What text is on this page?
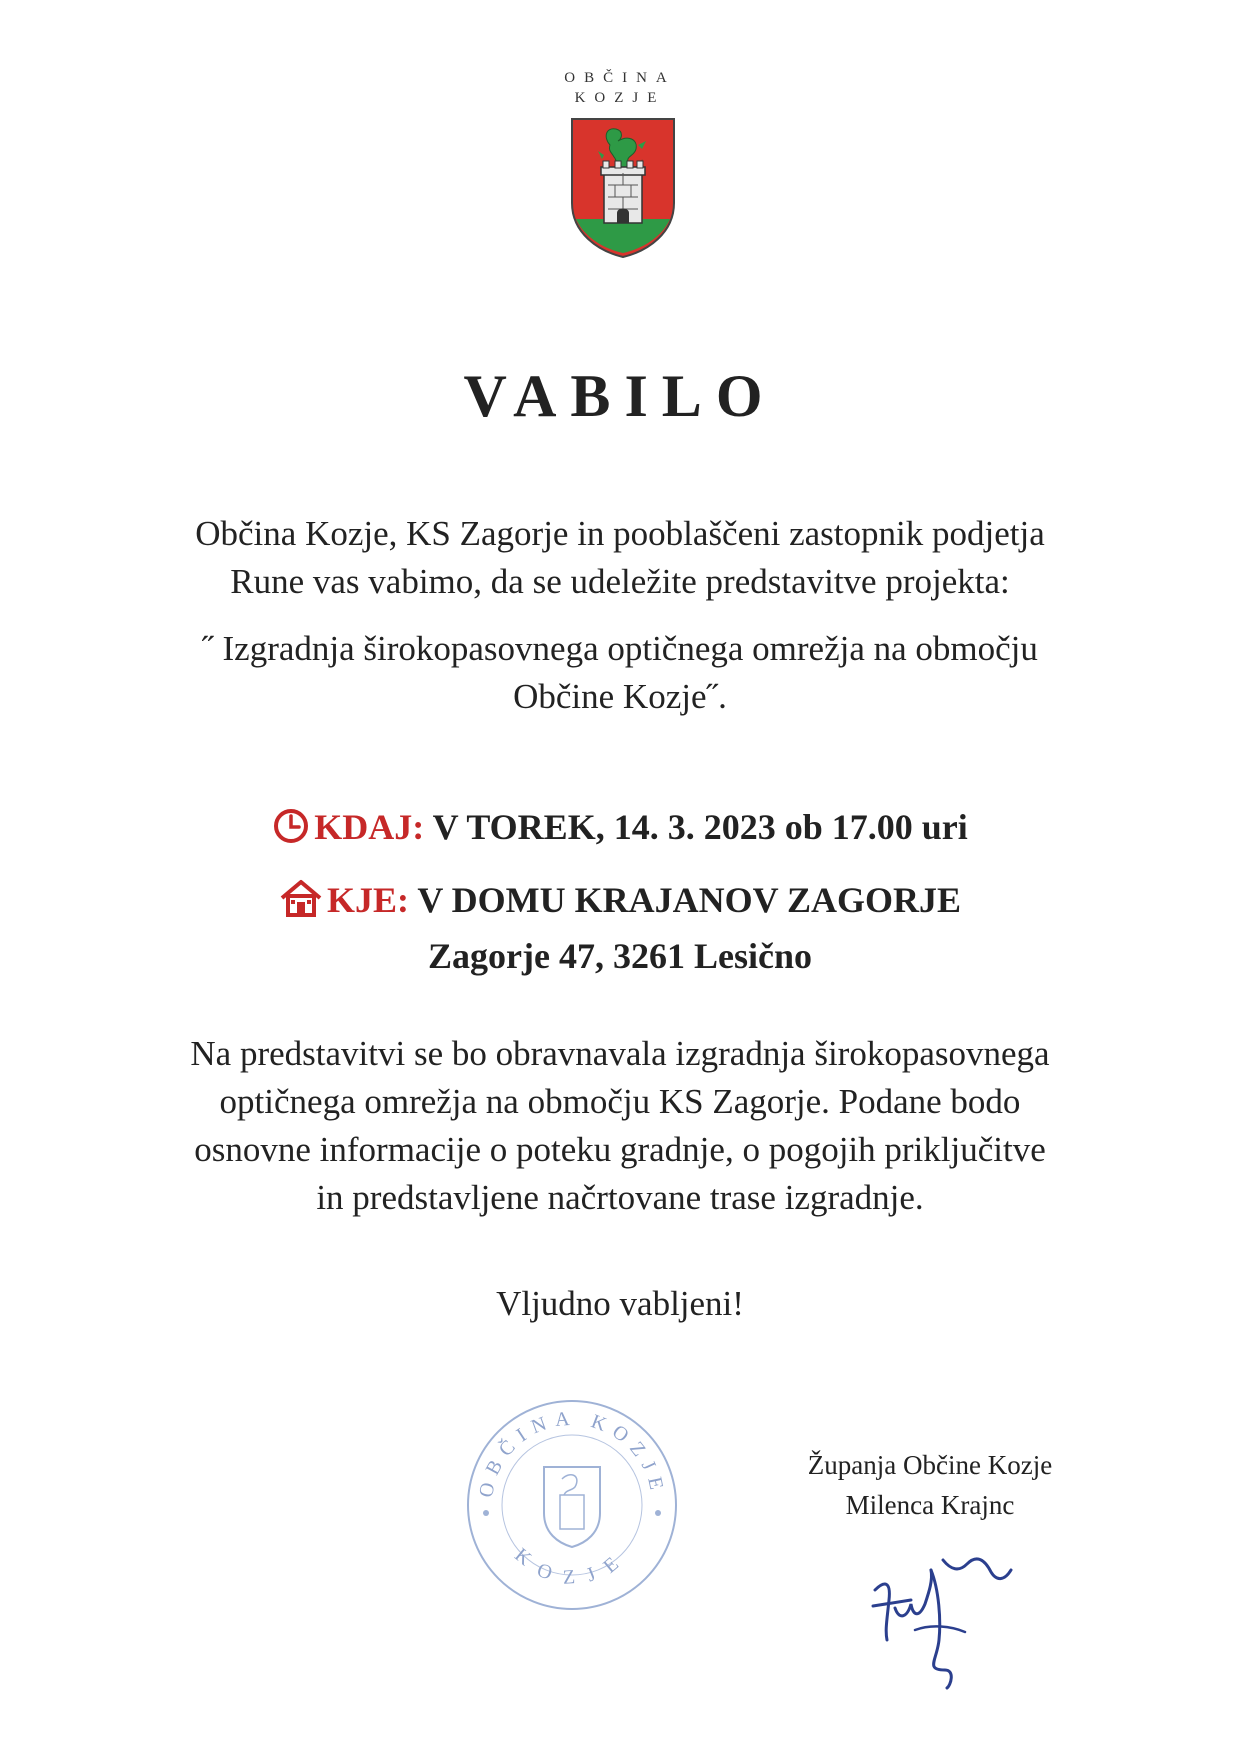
OBČINA
KOZJE
VABILO
Občina Kozje, KS Zagorje in pooblaščeni zastopnik podjetja
Rune vas vabimo, da se udeležite predstavitve projekta:
˝ Izgradnja širokopasovnega optičnega omrežja na območju
Občine Kozje˝.
KDAJ: V TOREK, 14. 3. 2023 ob 17.00 uri
KJE: V DOMU KRAJANOV ZAGORJE
Zagorje 47, 3261 Lesično
Na predstavitvi se bo obravnavala izgradnja širokopasovnega
optičnega omrežja na območju KS Zagorje. Podane bodo
osnovne informacije o poteku gradnje, o pogojih priključitve
in predstavljene načrtovane trase izgradnje.
Vljudno vabljeni!
OBČINA KOZJE
KOZJE
Županja Občine Kozje
Milenca Krajnc
